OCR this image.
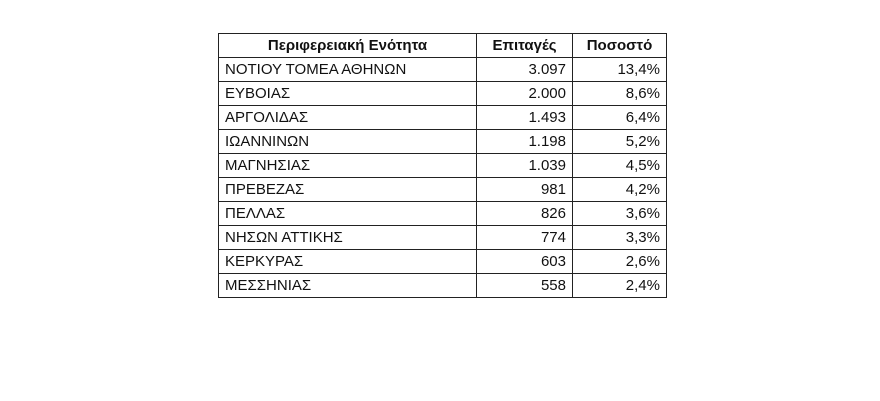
Περιφερειακή Ενότητα	Επιταγές	Ποσοστό
ΝΟΤΙΟΥ ΤΟΜΕΑ ΑΘΗΝΩΝ	3.097	13,4%
ΕΥΒΟΙΑΣ	2.000	8,6%
ΑΡΓΟΛΙΔΑΣ	1.493	6,4%
ΙΩΑΝΝΙΝΩΝ	1.198	5,2%
ΜΑΓΝΗΣΙΑΣ	1.039	4,5%
ΠΡΕΒΕΖΑΣ	981	4,2%
ΠΕΛΛΑΣ	826	3,6%
ΝΗΣΩΝ ΑΤΤΙΚΗΣ	774	3,3%
ΚΕΡΚΥΡΑΣ	603	2,6%
ΜΕΣΣΗΝΙΑΣ	558	2,4%
